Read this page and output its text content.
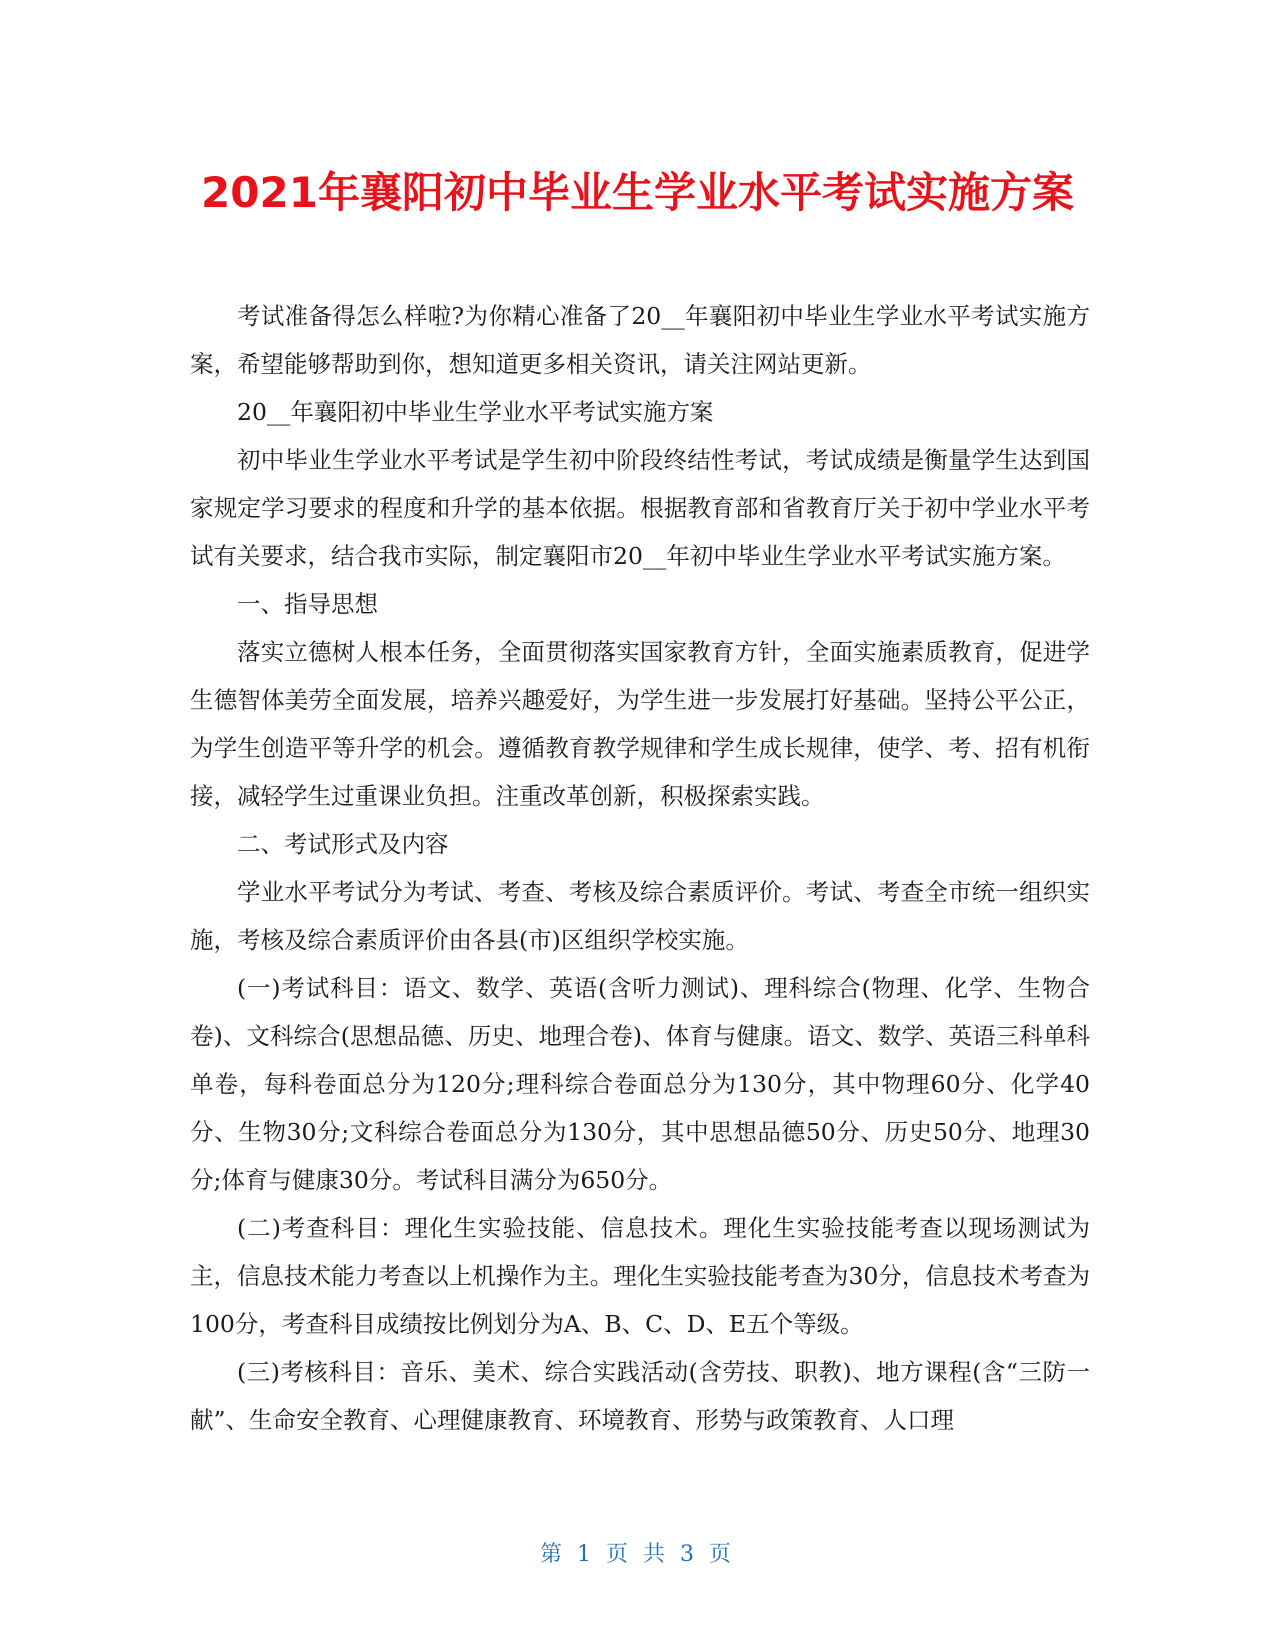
2021年襄阳初中毕业生学业水平考试实施方案

考试准备得怎么样啦?为你精心准备了20__年襄阳初中毕业生学业水平考试实施方案，希望能够帮助到你，想知道更多相关资讯，请关注网站更新。

20__年襄阳初中毕业生学业水平考试实施方案

初中毕业生学业水平考试是学生初中阶段终结性考试，考试成绩是衡量学生达到国家规定学习要求的程度和升学的基本依据。根据教育部和省教育厅关于初中学业水平考试有关要求，结合我市实际，制定襄阳市20__年初中毕业生学业水平考试实施方案。

一、指导思想

落实立德树人根本任务，全面贯彻落实国家教育方针，全面实施素质教育，促进学生德智体美劳全面发展，培养兴趣爱好，为学生进一步发展打好基础。坚持公平公正，为学生创造平等升学的机会。遵循教育教学规律和学生成长规律，使学、考、招有机衔接，减轻学生过重课业负担。注重改革创新，积极探索实践。

二、考试形式及内容

学业水平考试分为考试、考查、考核及综合素质评价。考试、考查全市统一组织实施，考核及综合素质评价由各县(市)区组织学校实施。

(一)考试科目：语文、数学、英语(含听力测试)、理科综合(物理、化学、生物合卷)、文科综合(思想品德、历史、地理合卷)、体育与健康。语文、数学、英语三科单科单卷，每科卷面总分为120分;理科综合卷面总分为130分，其中物理60分、化学40分、生物30分;文科综合卷面总分为130分，其中思想品德50分、历史50分、地理30分;体育与健康30分。考试科目满分为650分。

(二)考查科目：理化生实验技能、信息技术。理化生实验技能考查以现场测试为主，信息技术能力考查以上机操作为主。理化生实验技能考查为30分，信息技术考查为100分，考查科目成绩按比例划分为A、B、C、D、E五个等级。

(三)考核科目：音乐、美术、综合实践活动(含劳技、职教)、地方课程(含“三防一献”、生命安全教育、心理健康教育、环境教育、形势与政策教育、人口理

第 1 页 共 3 页
